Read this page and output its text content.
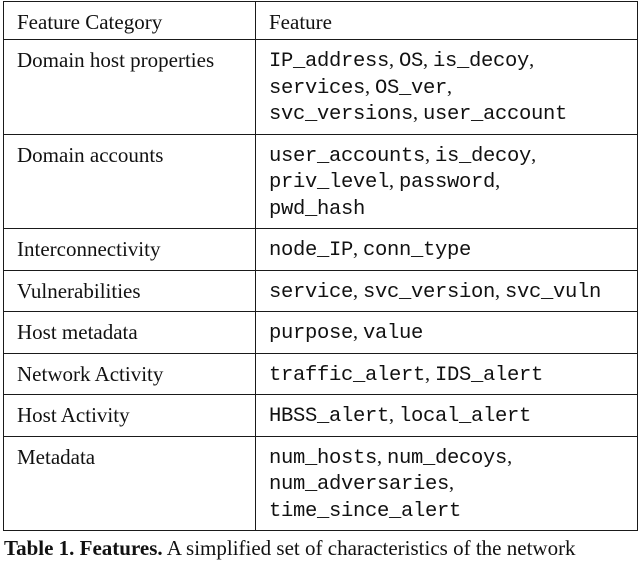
Feature Category	Feature
Domain host properties	IP_address, OS, is_decoy,
services, OS_ver,
svc_versions, user_account

Domain accounts	user_accounts, is_decoy,
priv_level, password,
pwd_hash

Interconnectivity	node_IP, conn_type

Vulnerabilities	service, svc_version, svc_vuln

Host metadata	purpose, value

Network Activity	traffic_alert, IDS_alert

Host Activity	HBSS_alert, local_alert

Metadata	num_hosts, num_decoys,
num_adversaries,
time_since_alert
Table 1. Features. A simplified set of characteristics of the network
